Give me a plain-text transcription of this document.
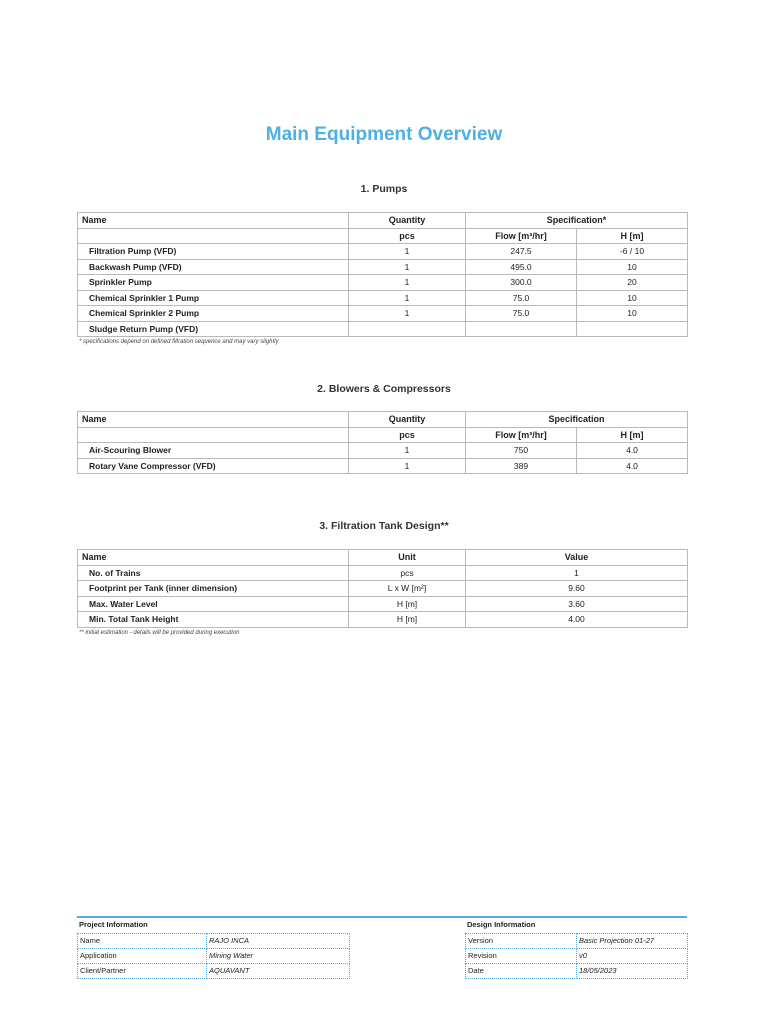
Main Equipment Overview
1. Pumps
Name	Quantity	Specification*	
	pcs	Flow [m³/hr]	H [m]
Filtration Pump (VFD)	1	247.5	-6 / 10
Backwash Pump (VFD)	1	495.0	10
Sprinkler Pump	1	300.0	20
Chemical Sprinkler 1 Pump	1	75.0	10
Chemical Sprinkler 2 Pump	1	75.0	10
Sludge Return Pump (VFD)			
* specifications depend on defined filtration sequence and may vary slightly
2. Blowers & Compressors
Name	Quantity	Specification	
	pcs	Flow [m³/hr]	H [m]
Air-Scouring Blower	1	750	4.0
Rotary Vane Compressor (VFD)	1	389	4.0
3. Filtration Tank Design**
Name	Unit	Value
No. of Trains	pcs	1
Footprint per Tank (inner dimension)	L x W [m²]	9.60
Max. Water Level	H [m]	3.60
Min. Total Tank Height	H [m]	4.00
** initial estimation - details will be provided during execution
Project Information
Name	RAJO INCA
Application	Mining Water
Client/Partner	AQUAVANT
Design Information
Version	Basic Projection 01-27
Revision	v0
Date	18/05/2023
